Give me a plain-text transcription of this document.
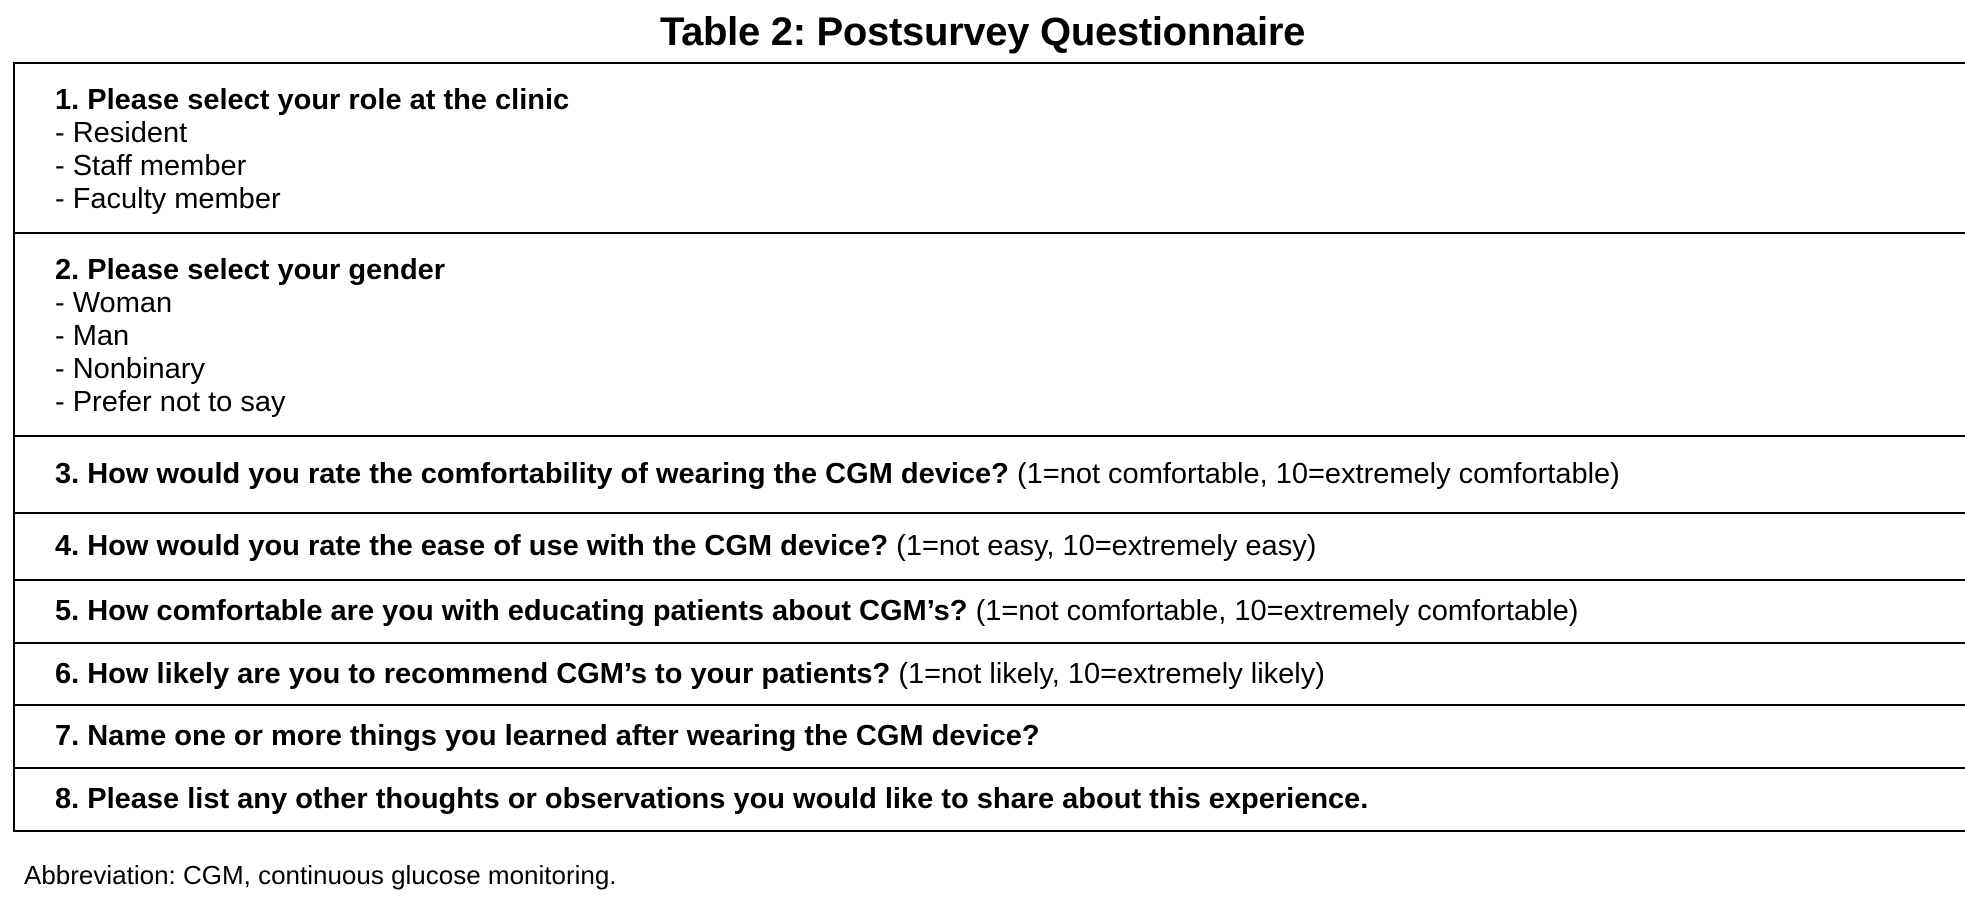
Table 2: Postsurvey Questionnaire
1. Please select your role at the clinic
- Resident
- Staff member
- Faculty member
2. Please select your gender
- Woman
- Man
- Nonbinary
- Prefer not to say
3. How would you rate the comfortability of wearing the CGM device? (1=not comfortable, 10=extremely comfortable)
4. How would you rate the ease of use with the CGM device? (1=not easy, 10=extremely easy)
5. How comfortable are you with educating patients about CGM’s? (1=not comfortable, 10=extremely comfortable)
6. How likely are you to recommend CGM’s to your patients? (1=not likely, 10=extremely likely)
7. Name one or more things you learned after wearing the CGM device?
8. Please list any other thoughts or observations you would like to share about this experience.
Abbreviation: CGM, continuous glucose monitoring.
